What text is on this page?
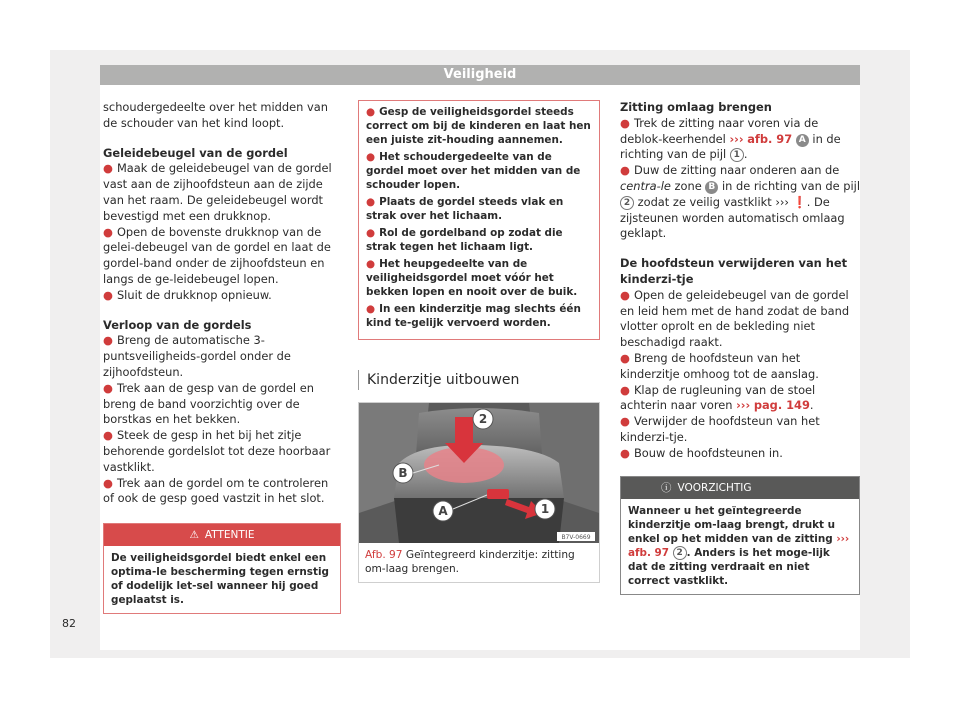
Veiligheid

schoudergedeelte over het midden van de schouder van het kind loopt.

Geleidebeugel van de gordel

● Maak de geleidebeugel van de gordel vast aan de zijhoofdsteun aan de zijde van het raam. De geleidebeugel wordt bevestigd met een drukknop.

● Open de bovenste drukknop van de gelei-debeugel van de gordel en laat de gordel-band onder de zijhoofdsteun en langs de ge-leidebeugel lopen.

● Sluit de drukknop opnieuw.

Verloop van de gordels

● Breng de automatische 3-puntsveiligheids-gordel onder de zijhoofdsteun.

● Trek aan de gesp van de gordel en breng de band voorzichtig over de borstkas en het bekken.

● Steek de gesp in het bij het zitje behorende gordelslot tot deze hoorbaar vastklikt.

● Trek aan de gordel om te controleren of ook de gesp goed vastzit in het slot.

⚠ ATTENTIE
De veiligheidsgordel biedt enkel een optima-le bescherming tegen ernstig of dodelijk let-sel wanneer hij goed geplaatst is.

● Gesp de veiligheidsgordel steeds correct om bij de kinderen en laat hen een juiste zit-houding aannemen.

● Het schoudergedeelte van de gordel moet over het midden van de schouder lopen.

● Plaats de gordel steeds vlak en strak over het lichaam.

● Rol de gordelband op zodat die strak tegen het lichaam ligt.

● Het heupgedeelte van de veiligheidsgordel moet vóór het bekken lopen en nooit over de buik.

● In een kinderzitje mag slechts één kind te-gelijk vervoerd worden.

Kinderzitje uitbouwen
2
B
A	1
B7V-0669
Afb. 97 Geïntegreerd kinderzitje: zitting om-laag brengen.

Zitting omlaag brengen

● Trek de zitting naar voren via de deblok-keerhendel ››› afb. 97 A in de richting van de pijl 1 .

● Duw de zitting naar onderen aan de centra-le zone B in de richting van de pijl 2 zodat ze veilig vastklikt ››› ❗. De zijsteunen worden automatisch omlaag geklapt.

De hoofdsteun verwijderen van het kinderzi-tje

● Open de geleidebeugel van de gordel en leid hem met de hand zodat de band vlotter oprolt en de bekleding niet beschadigd raakt.

● Breng de hoofdsteun van het kinderzitje omhoog tot de aanslag.

● Klap de rugleuning van de stoel achterin naar voren ››› pag. 149.

● Verwijder de hoofdsteun van het kinderzi-tje.

● Bouw de hoofdsteunen in.

ⓘ VOORZICHTIG
Wanneer u het geïntegreerde kinderzitje om-laag brengt, drukt u enkel op het midden van de zitting ››› afb. 97 2 . Anders is het moge-lijk dat de zitting verdraait en niet correct vastklikt.
82
